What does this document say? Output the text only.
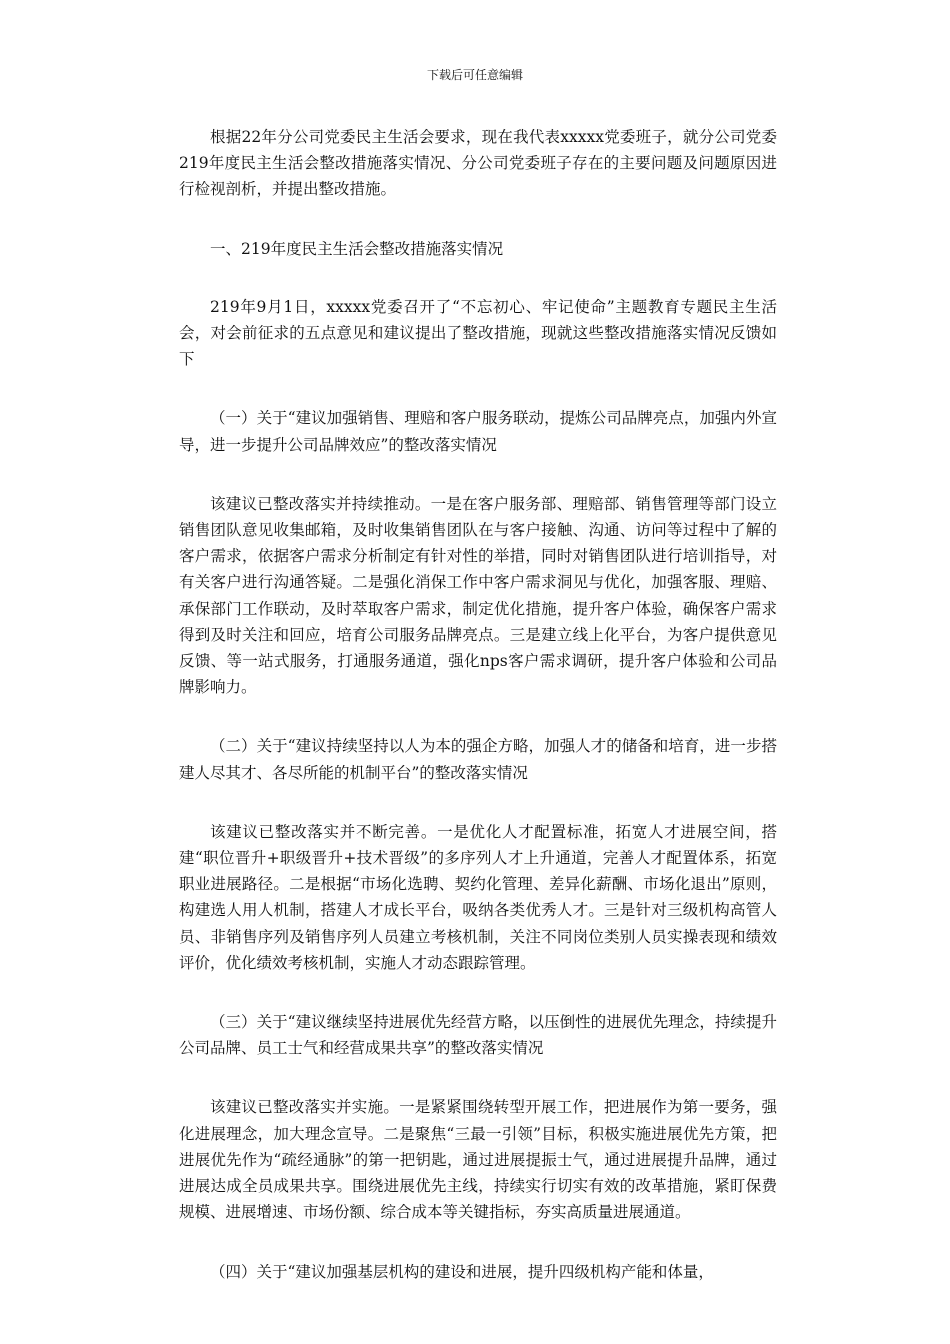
下载后可任意编辑

根据22年分公司党委民主生活会要求，现在我代表xxxxx党委班子，就分公司党委219年度民主生活会整改措施落实情况、分公司党委班子存在的主要问题及问题原因进行检视剖析，并提出整改措施。

一、219年度民主生活会整改措施落实情况

219年9月1日，xxxxx党委召开了“不忘初心、牢记使命”主题教育专题民主生活会，对会前征求的五点意见和建议提出了整改措施，现就这些整改措施落实情况反馈如下

（一）关于“建议加强销售、理赔和客户服务联动，提炼公司品牌亮点，加强内外宣导，进一步提升公司品牌效应”的整改落实情况

该建议已整改落实并持续推动。一是在客户服务部、理赔部、销售管理等部门设立销售团队意见收集邮箱，及时收集销售团队在与客户接触、沟通、访问等过程中了解的客户需求，依据客户需求分析制定有针对性的举措，同时对销售团队进行培训指导，对有关客户进行沟通答疑。二是强化消保工作中客户需求洞见与优化，加强客服、理赔、承保部门工作联动，及时萃取客户需求，制定优化措施，提升客户体验，确保客户需求得到及时关注和回应，培育公司服务品牌亮点。三是建立线上化平台，为客户提供意见反馈、等一站式服务，打通服务通道，强化nps客户需求调研，提升客户体验和公司品牌影响力。

（二）关于“建议持续坚持以人为本的强企方略，加强人才的储备和培育，进一步搭建人尽其才、各尽所能的机制平台”的整改落实情况

该建议已整改落实并不断完善。一是优化人才配置标准，拓宽人才进展空间，搭建“职位晋升+职级晋升+技术晋级”的多序列人才上升通道，完善人才配置体系，拓宽职业进展路径。二是根据“市场化选聘、契约化管理、差异化薪酬、市场化退出”原则，构建选人用人机制，搭建人才成长平台，吸纳各类优秀人才。三是针对三级机构高管人员、非销售序列及销售序列人员建立考核机制，关注不同岗位类别人员实操表现和绩效评价，优化绩效考核机制，实施人才动态跟踪管理。

（三）关于“建议继续坚持进展优先经营方略，以压倒性的进展优先理念，持续提升公司品牌、员工士气和经营成果共享”的整改落实情况

该建议已整改落实并实施。一是紧紧围绕转型开展工作，把进展作为第一要务，强化进展理念，加大理念宣导。二是聚焦“三最一引领”目标，积极实施进展优先方策，把进展优先作为“疏经通脉”的第一把钥匙，通过进展提振士气，通过进展提升品牌，通过进展达成全员成果共享。围绕进展优先主线，持续实行切实有效的改革措施，紧盯保费规模、进展增速、市场份额、综合成本等关键指标，夯实高质量进展通道。

（四）关于“建议加强基层机构的建设和进展，提升四级机构产能和体量，
